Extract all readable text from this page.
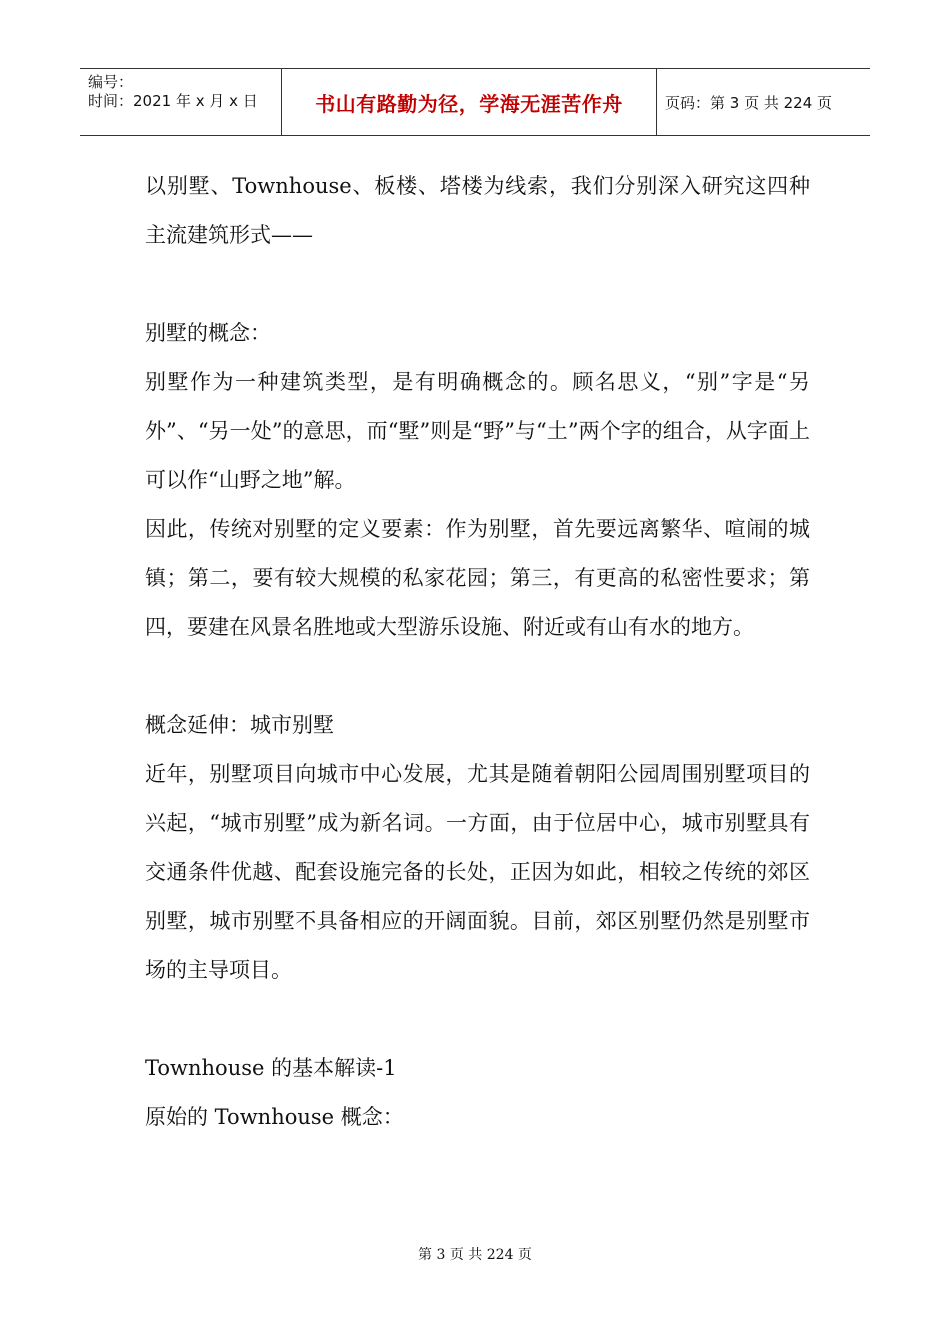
编号：
时间：2021 年 x 月 x 日	书山有路勤为径，学海无涯苦作舟	页码：第 3 页 共 224 页

以别墅、Townhouse、板楼、塔楼为线索，我们分别深入研究这四种主流建筑形式——

别墅的概念：

别墅作为一种建筑类型，是有明确概念的。顾名思义，“别”字是“另外”、“另一处”的意思，而“墅”则是“野”与“土”两个字的组合，从字面上可以作“山野之地”解。

因此，传统对别墅的定义要素：作为别墅，首先要远离繁华、喧闹的城镇；第二，要有较大规模的私家花园；第三，有更高的私密性要求；第四，要建在风景名胜地或大型游乐设施、附近或有山有水的地方。

概念延伸：城市别墅

近年，别墅项目向城市中心发展，尤其是随着朝阳公园周围别墅项目的兴起，“城市别墅”成为新名词。一方面，由于位居中心，城市别墅具有交通条件优越、配套设施完备的长处，正因为如此，相较之传统的郊区别墅，城市别墅不具备相应的开阔面貌。目前，郊区别墅仍然是别墅市场的主导项目。

Townhouse 的基本解读-1

原始的 Townhouse 概念：

第 3 页 共 224 页
